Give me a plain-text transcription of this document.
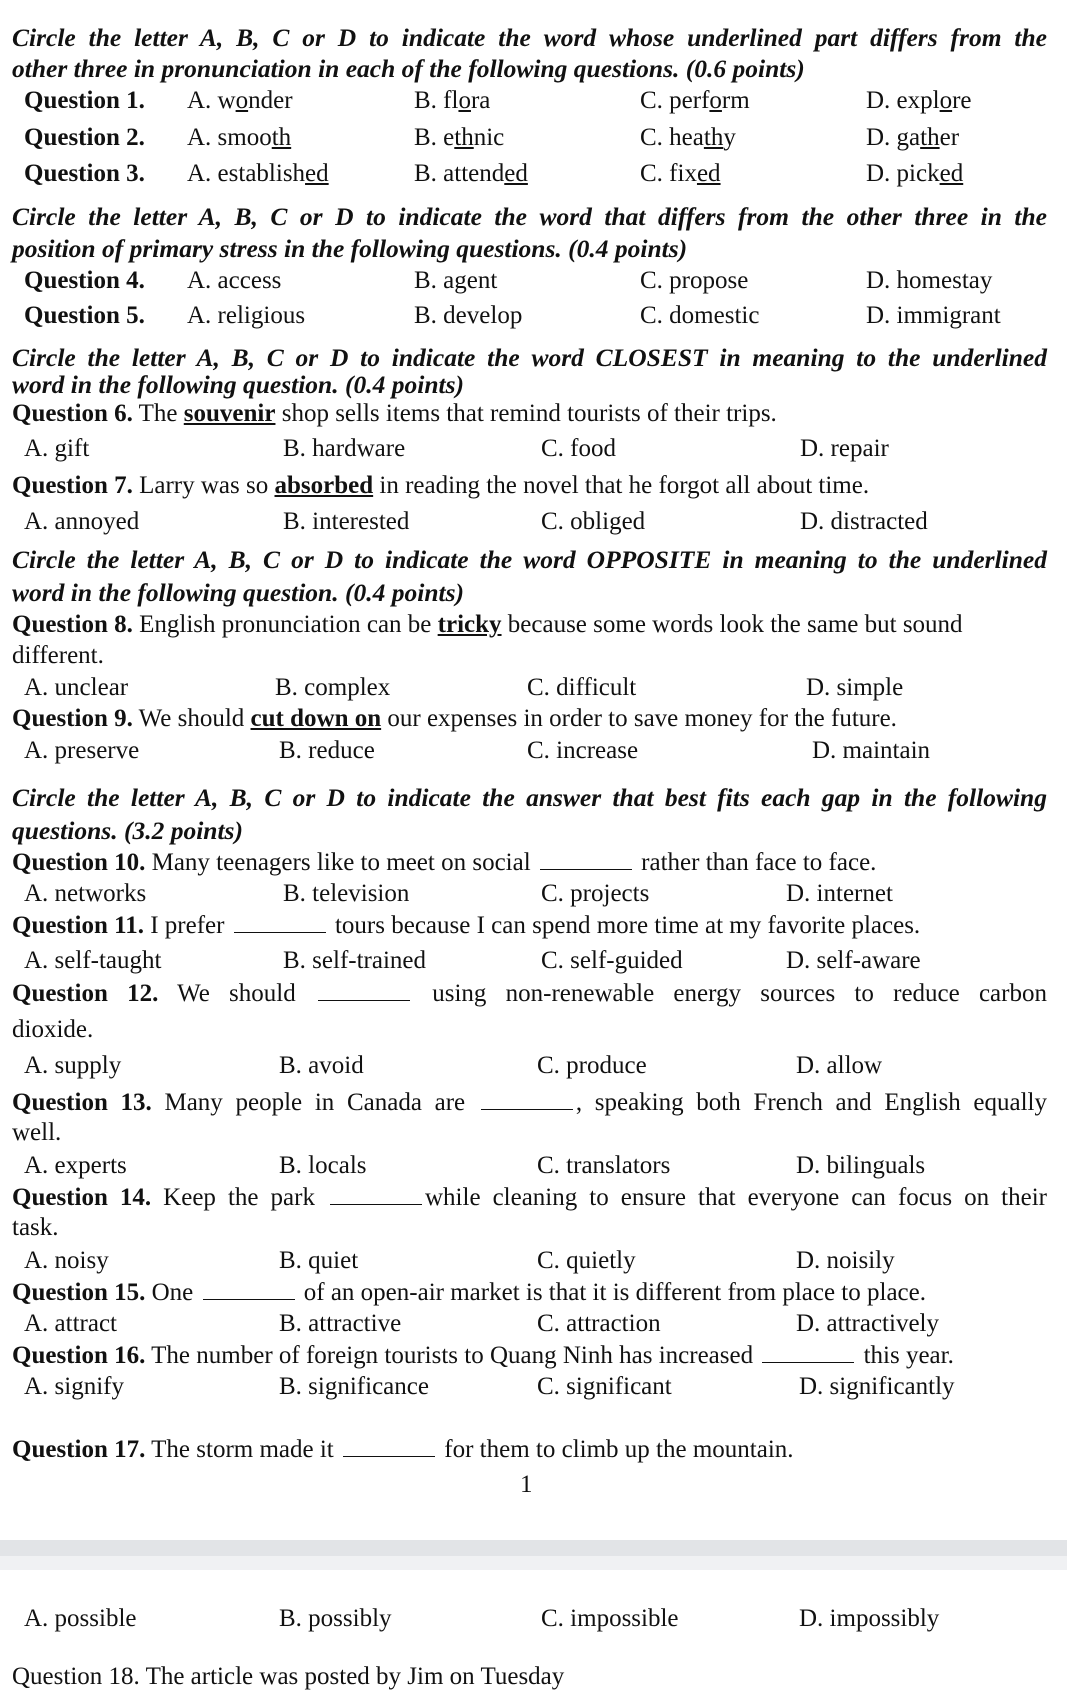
Circle the letter A, B, C or D to indicate the word whose underlined part differs from the
other three in pronunciation in each of the following questions. (0.6 points)
Question 1. A. wonder	B. flora	C. perform	D. explore
Question 2. A. smooth	B. ethnic	C. heathy	D. gather
Question 3. A. established	B. attended	C. fixed	D. picked
Circle the letter A, B, C or D to indicate the word that differs from the other three in the
position of primary stress in the following questions. (0.4 points)
Question 4. A. access	B. agent	C. propose	D. homestay
Question 5. A. religious	B. develop	C. domestic	D. immigrant
Circle the letter A, B, C or D to indicate the word CLOSEST in meaning to the underlined
word in the following question. (0.4 points)
Question 6. The souvenir shop sells items that remind tourists of their trips.
A. gift	B. hardware	C. food	D. repair
Question 7. Larry was so absorbed in reading the novel that he forgot all about time.
A. annoyed	B. interested	C. obliged	D. distracted
Circle the letter A, B, C or D to indicate the word OPPOSITE in meaning to the underlined
word in the following question. (0.4 points)
Question 8. English pronunciation can be tricky because some words look the same but sound
different.
A. unclear	B. complex	C. difficult	D. simple
Question 9. We should cut down on our expenses in order to save money for the future.
A. preserve	B. reduce	C. increase	D. maintain
Circle the letter A, B, C or D to indicate the answer that best fits each gap in the following
questions. (3.2 points)
Question 10. Many teenagers like to meet on social	rather than face to face.
A. networks	B. television	C. projects	D. internet
Question 11. I prefer	tours because I can spend more time at my favorite places.
A. self-taught	B. self-trained	C. self-guided	D. self-aware
Question 12. We should	using non-renewable energy sources to reduce carbon
dioxide.
A. supply	B. avoid	C. produce	D. allow
Question 13. Many people in Canada are	, speaking both French and English equally
well.
A. experts	B. locals	C. translators	D. bilinguals
Question 14. Keep the park	while cleaning to ensure that everyone can focus on their
task.
A. noisy	B. quiet	C. quietly	D. noisily
Question 15. One	of an open-air market is that it is different from place to place.
A. attract	B. attractive	C. attraction	D. attractively
Question 16. The number of foreign tourists to Quang Ninh has increased	this year.
A. signify	B. significance	C. significant	D. significantly
Question 17. The storm made it	for them to climb up the mountain.
1
A. possible	B. possibly	C. impossible	D. impossibly
Question 18. The article was posted by Jim on Tuesday
